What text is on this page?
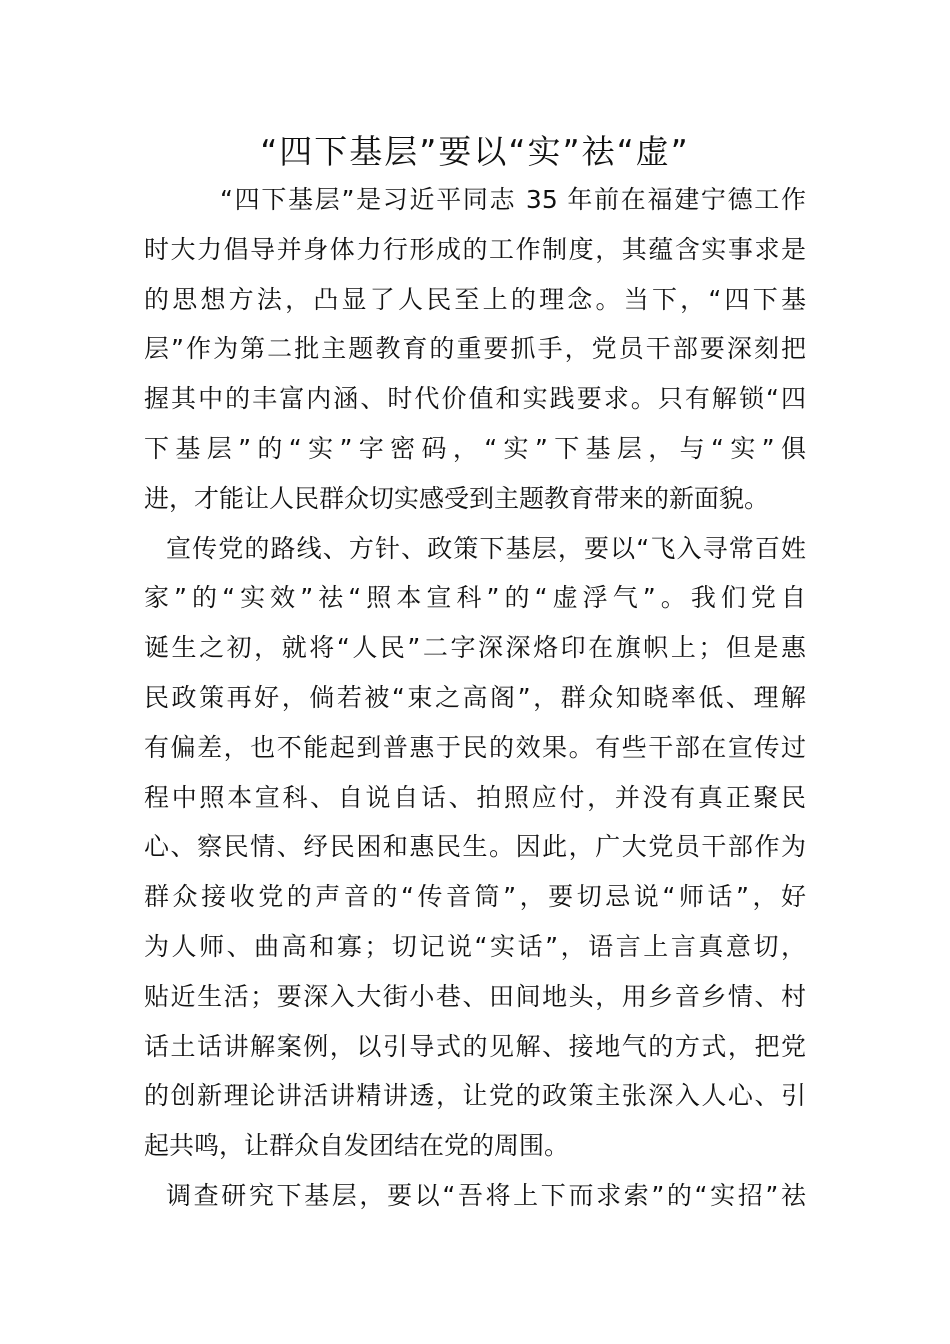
“四下基层”要以“实”祛“虚”
“四下基层”是习近平同志 35 年前在福建宁德工作
时大力倡导并身体力行形成的工作制度，其蕴含实事求是
的思想方法，凸显了人民至上的理念。当下，“四下基
层”作为第二批主题教育的重要抓手，党员干部要深刻把
握其中的丰富内涵、时代价值和实践要求。只有解锁“四
下基层”的“实”字密码，“实”下基层，与“实”俱
进，才能让人民群众切实感受到主题教育带来的新面貌。
宣传党的路线、方针、政策下基层，要以“飞入寻常百姓
家”的“实效”祛“照本宣科”的“虚浮气”。我们党自
诞生之初，就将“人民”二字深深烙印在旗帜上；但是惠
民政策再好，倘若被“束之高阁”，群众知晓率低、理解
有偏差，也不能起到普惠于民的效果。有些干部在宣传过
程中照本宣科、自说自话、拍照应付，并没有真正聚民
心、察民情、纾民困和惠民生。因此，广大党员干部作为
群众接收党的声音的“传音筒”，要切忌说“师话”，好
为人师、曲高和寡；切记说“实话”，语言上言真意切，
贴近生活；要深入大街小巷、田间地头，用乡音乡情、村
话土话讲解案例，以引导式的见解、接地气的方式，把党
的创新理论讲活讲精讲透，让党的政策主张深入人心、引
起共鸣，让群众自发团结在党的周围。
调查研究下基层，要以“吾将上下而求索”的“实招”祛
